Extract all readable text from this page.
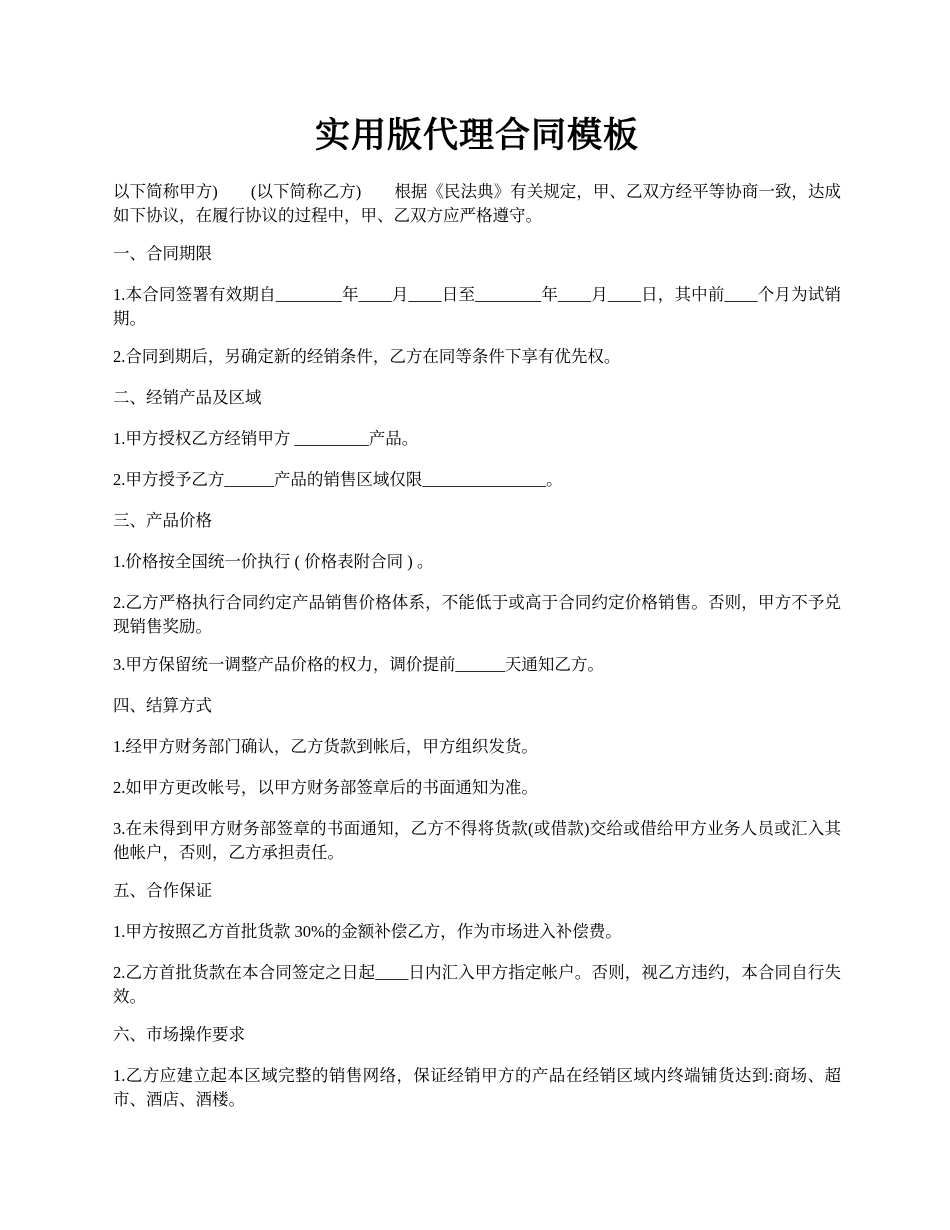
实用版代理合同模板

以下简称甲方)　　(以下简称乙方)　　根据《民法典》有关规定，甲、乙双方经平等协商一致，达成如下协议，在履行协议的过程中，甲、乙双方应严格遵守。

一、合同期限

1.本合同签署有效期自________年____月____日至________年____月____日，其中前____个月为试销期。

2.合同到期后，另确定新的经销条件，乙方在同等条件下享有优先权。

二、经销产品及区域

1.甲方授权乙方经销甲方 _________产品。

2.甲方授予乙方______产品的销售区域仅限_______________。

三、产品价格

1.价格按全国统一价执行 ( 价格表附合同 ) 。

2.乙方严格执行合同约定产品销售价格体系，不能低于或高于合同约定价格销售。否则，甲方不予兑现销售奖励。

3.甲方保留统一调整产品价格的权力，调价提前______天通知乙方。

四、结算方式

1.经甲方财务部门确认，乙方货款到帐后，甲方组织发货。

2.如甲方更改帐号，以甲方财务部签章后的书面通知为准。

3.在未得到甲方财务部签章的书面通知，乙方不得将货款(或借款)交给或借给甲方业务人员或汇入其他帐户，否则，乙方承担责任。

五、合作保证

1.甲方按照乙方首批货款 30%的金额补偿乙方，作为市场进入补偿费。

2.乙方首批货款在本合同签定之日起____日内汇入甲方指定帐户。否则，视乙方违约，本合同自行失效。

六、市场操作要求

1.乙方应建立起本区域完整的销售网络，保证经销甲方的产品在经销区域内终端铺货达到:商场、超市、酒店、酒楼。
